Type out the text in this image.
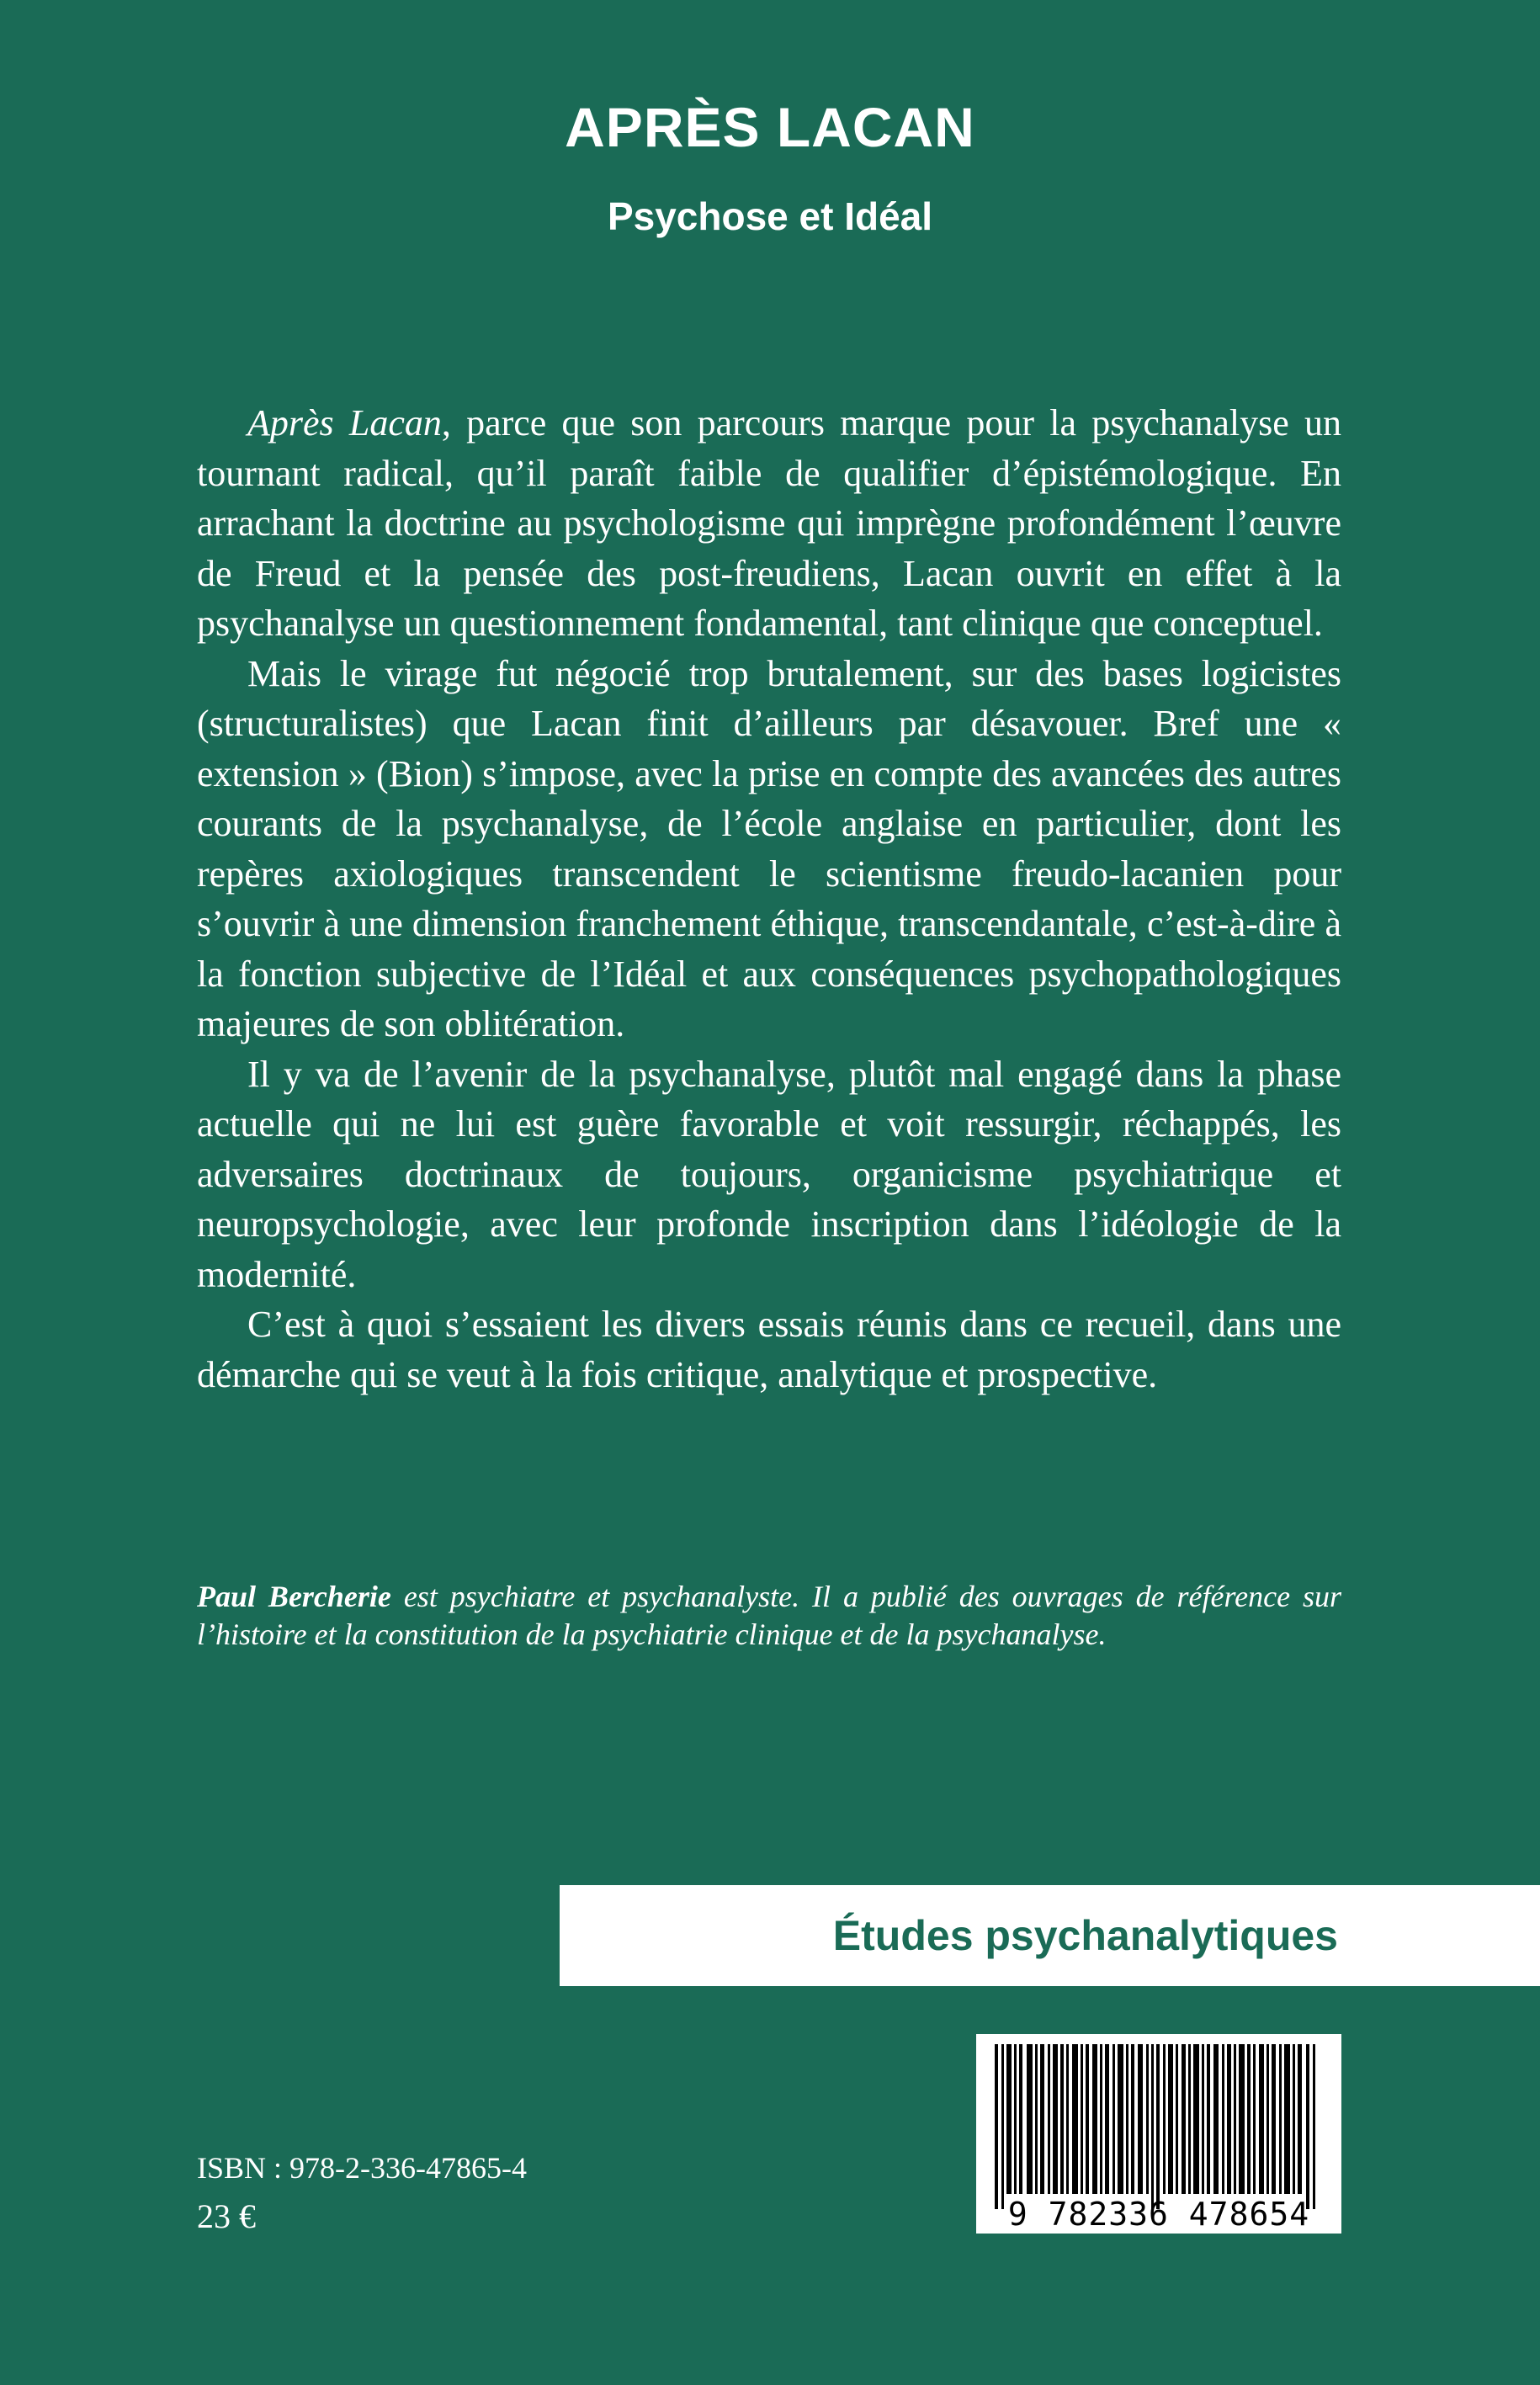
APRÈS LACAN
Psychose et Idéal

Après Lacan, parce que son parcours marque pour la psychanalyse un tournant radical, qu’il paraît faible de qualifier d’épistémologique. En arrachant la doctrine au psychologisme qui imprègne profondément l’œuvre de Freud et la pensée des post-freudiens, Lacan ouvrit en effet à la psychanalyse un questionnement fondamental, tant clinique que conceptuel.

Mais le virage fut négocié trop brutalement, sur des bases logicistes (structuralistes) que Lacan finit d’ailleurs par désavouer. Bref une « extension » (Bion) s’impose, avec la prise en compte des avancées des autres courants de la psychanalyse, de l’école anglaise en particulier, dont les repères axiologiques transcendent le scientisme freudo-lacanien pour s’ouvrir à une dimension franchement éthique, transcendantale, c’est-à-dire à la fonction subjective de l’Idéal et aux conséquences psychopathologiques majeures de son oblitération.

Il y va de l’avenir de la psychanalyse, plutôt mal engagé dans la phase actuelle qui ne lui est guère favorable et voit ressurgir, réchappés, les adversaires doctrinaux de toujours, organicisme psychiatrique et neuropsychologie, avec leur profonde inscription dans l’idéologie de la modernité.

C’est à quoi s’essaient les divers essais réunis dans ce recueil, dans une démarche qui se veut à la fois critique, analytique et prospective.

Paul Bercherie est psychiatre et psychanalyste. Il a publié des ouvrages de référence sur l’histoire et la constitution de la psychiatrie clinique et de la psychanalyse.
Études psychanalytiques
ISBN : 978-2-336-47865-4
23 €	9 782336 478654
